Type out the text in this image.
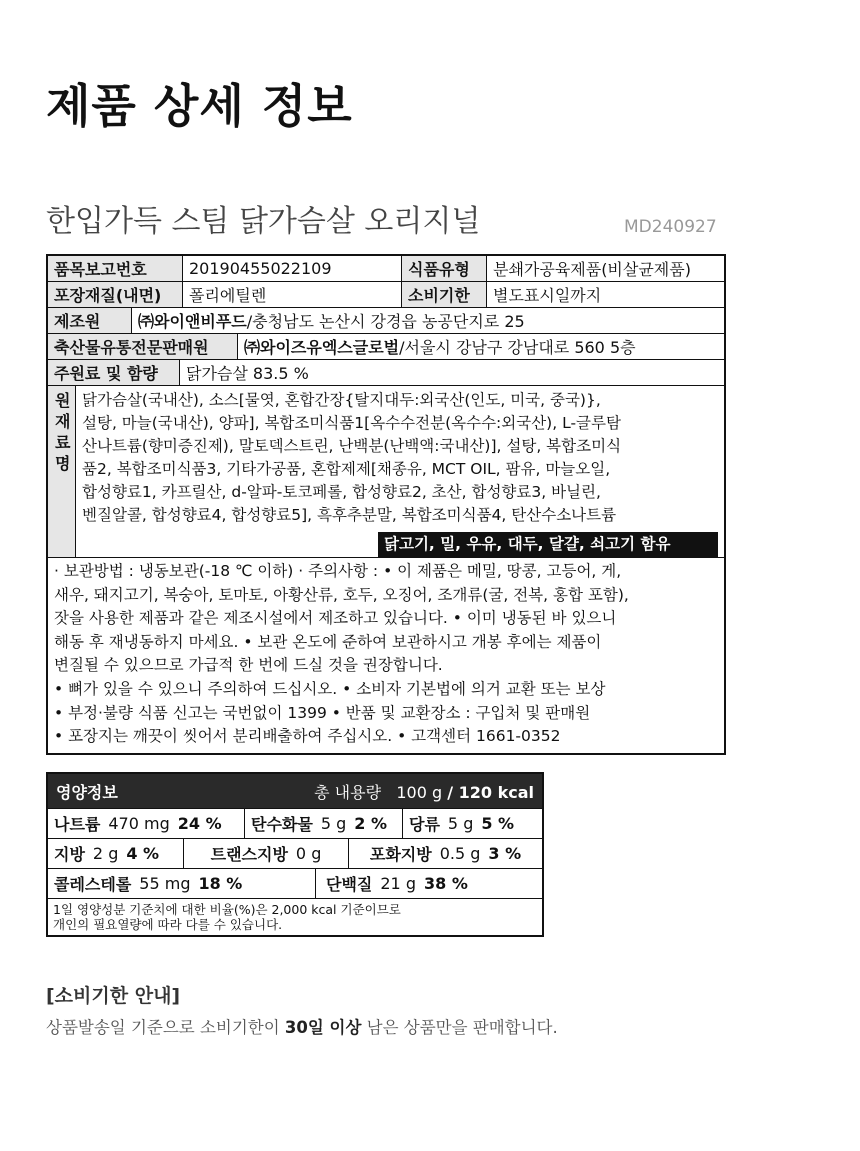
제품 상세 정보
한입가득 스팀 닭가슴살 오리지널	MD240927
품목보고번호	20190455022109	식품유형	분쇄가공육제품(비살균제품)
포장재질(내면)	폴리에틸렌	소비기한	별도표시일까지
제조원	㈜와이앤비푸드 /충청남도 논산시 강경읍 농공단지로 25
축산물유통전문판매원	㈜와이즈유엑스글로벌 /서울시 강남구 강남대로 560 5층
주원료 및 함량	닭가슴살 83.5 %
원
재
료
명
닭가슴살(국내산), 소스[물엿, 혼합간장{탈지대두:외국산(인도, 미국, 중국)},
설탕, 마늘(국내산), 양파], 복합조미식품1[옥수수전분(옥수수:외국산), L-글루탐
산나트륨(향미증진제), 말토덱스트린, 난백분(난백액:국내산)], 설탕, 복합조미식
품2, 복합조미식품3, 기타가공품, 혼합제제[채종유, MCT OIL, 팜유, 마늘오일,
합성향료1, 카프릴산, d-알파-토코페롤, 합성향료2, 초산, 합성향료3, 바닐린,
벤질알콜, 합성향료4, 합성향료5], 흑후추분말, 복합조미식품4, 탄산수소나트륨
닭고기, 밀, 우유, 대두, 달걀, 쇠고기 함유
· 보관방법 : 냉동보관(-18 ℃ 이하) · 주의사항 : • 이 제품은 메밀, 땅콩, 고등어, 게,
새우, 돼지고기, 복숭아, 토마토, 아황산류, 호두, 오징어, 조개류(굴, 전복, 홍합 포함),
잣을 사용한 제품과 같은 제조시설에서 제조하고 있습니다. • 이미 냉동된 바 있으니
해동 후 재냉동하지 마세요. • 보관 온도에 준하여 보관하시고 개봉 후에는 제품이
변질될 수 있으므로 가급적 한 번에 드실 것을 권장합니다.
• 뼈가 있을 수 있으니 주의하여 드십시오. • 소비자 기본법에 의거 교환 또는 보상
• 부정·불량 식품 신고는 국번없이 1399 • 반품 및 교환장소 : 구입처 및 판매원
• 포장지는 깨끗이 씻어서 분리배출하여 주십시오. • 고객센터 1661-0352
영양정보	총 내용량 100 g / 120 kcal
나트륨 470 mg 24 % 탄수화물 5 g 2 % 당류 5 g 5 %
지방 2 g 4 %	트랜스지방 0 g	포화지방 0.5 g 3 %
콜레스테롤 55 mg 18 %	단백질 21 g 38 %
1일 영양성분 기준치에 대한 비율(%)은 2,000 kcal 기준이므로
개인의 필요열량에 따라 다를 수 있습니다.
[소비기한 안내]
상품발송일 기준으로 소비기한이 30일 이상 남은 상품만을 판매합니다.
